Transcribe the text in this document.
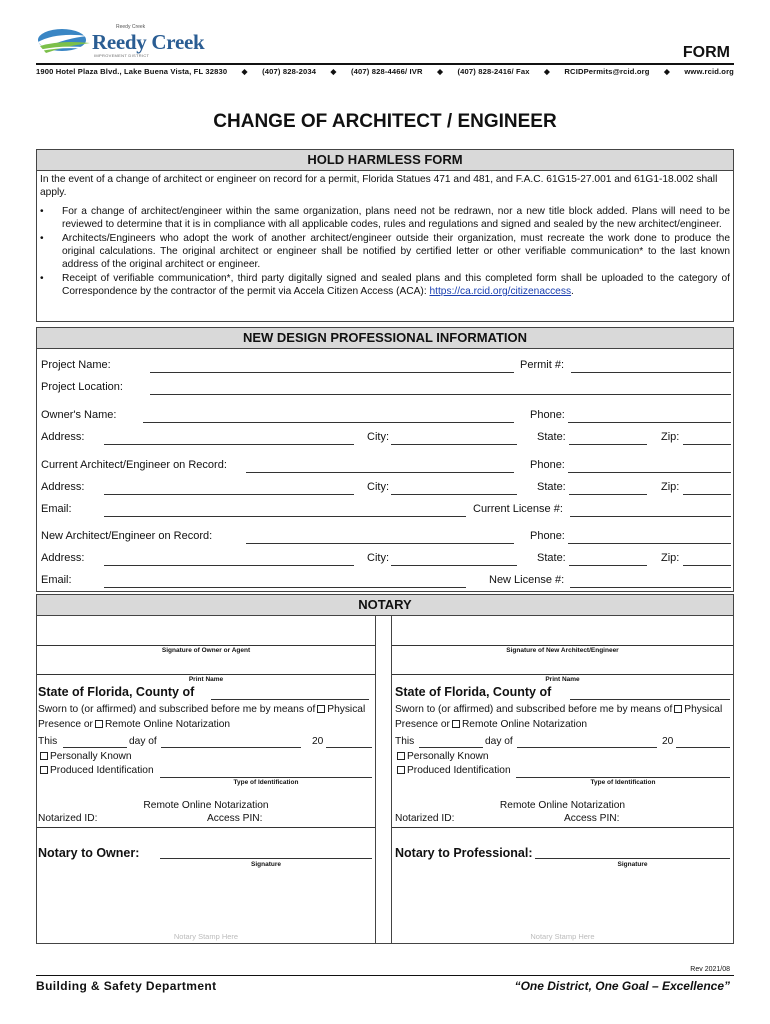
Reedy Creek
Reedy Creek
IMPROVEMENT DISTRICT	FORM
1900 Hotel Plaza Blvd., Lake Buena Vista, FL 32830 ◆ (407) 828-2034 ◆ (407) 828-4466/ IVR ◆ (407) 828-2416/ Fax ◆ RCIDPermits@rcid.org ◆ www.rcid.org
CHANGE OF ARCHITECT / ENGINEER
HOLD HARMLESS FORM
In the event of a change of architect or engineer on record for a permit, Florida Statues 471 and 481, and F.A.C. 61G15-27.001 and 61G1-18.002 shall apply.
• For a change of architect/engineer within the same organization, plans need not be redrawn, nor a new title block added. Plans will need to be reviewed to determine that it is in compliance with all applicable codes, rules and regulations and signed and sealed by the new architect/engineer.
• Architects/Engineers who adopt the work of another architect/engineer outside their organization, must recreate the work done to produce the original calculations. The original architect or engineer shall be notified by certified letter or other verifiable communication* to the last known address of the original architect or engineer.
• Receipt of verifiable communication*, third party digitally signed and sealed plans and this completed form shall be uploaded to the category of Correspondence by the contractor of the permit via Accela Citizen Access (ACA): https://ca.rcid.org/citizenaccess.
NEW DESIGN PROFESSIONAL INFORMATION
Project Name:	Permit #:
Project Location:
Owner's Name:	Phone:
Address:	City:	State:	Zip:
Current Architect/Engineer on Record:	Phone:
Address:	City:	State:	Zip:
Email:	Current License #:
New Architect/Engineer on Record:	Phone:
Address:	City:	State:	Zip:
Email:	New License #:
NOTARY
Signature of Owner or Agent
Print Name
State of Florida, County of
Sworn to (or affirmed) and subscribed before me by means of Physical
Presence or Remote Online Notarization
This	day of	20
Personally Known
Produced Identification
Type of Identification
Remote Online Notarization
Notarized ID:	Access PIN:
Notary to Owner:
Signature
Notary Stamp Here
Signature of New Architect/Engineer
Print Name
State of Florida, County of
Sworn to (or affirmed) and subscribed before me by means of Physical
Presence or Remote Online Notarization
This	day of	20
Personally Known
Produced Identification
Type of Identification
Remote Online Notarization
Notarized ID:	Access PIN:
Notary to Professional:
Signature
Notary Stamp Here
Rev 2021/08
Building & Safety Department	“One District, One Goal – Excellence”
